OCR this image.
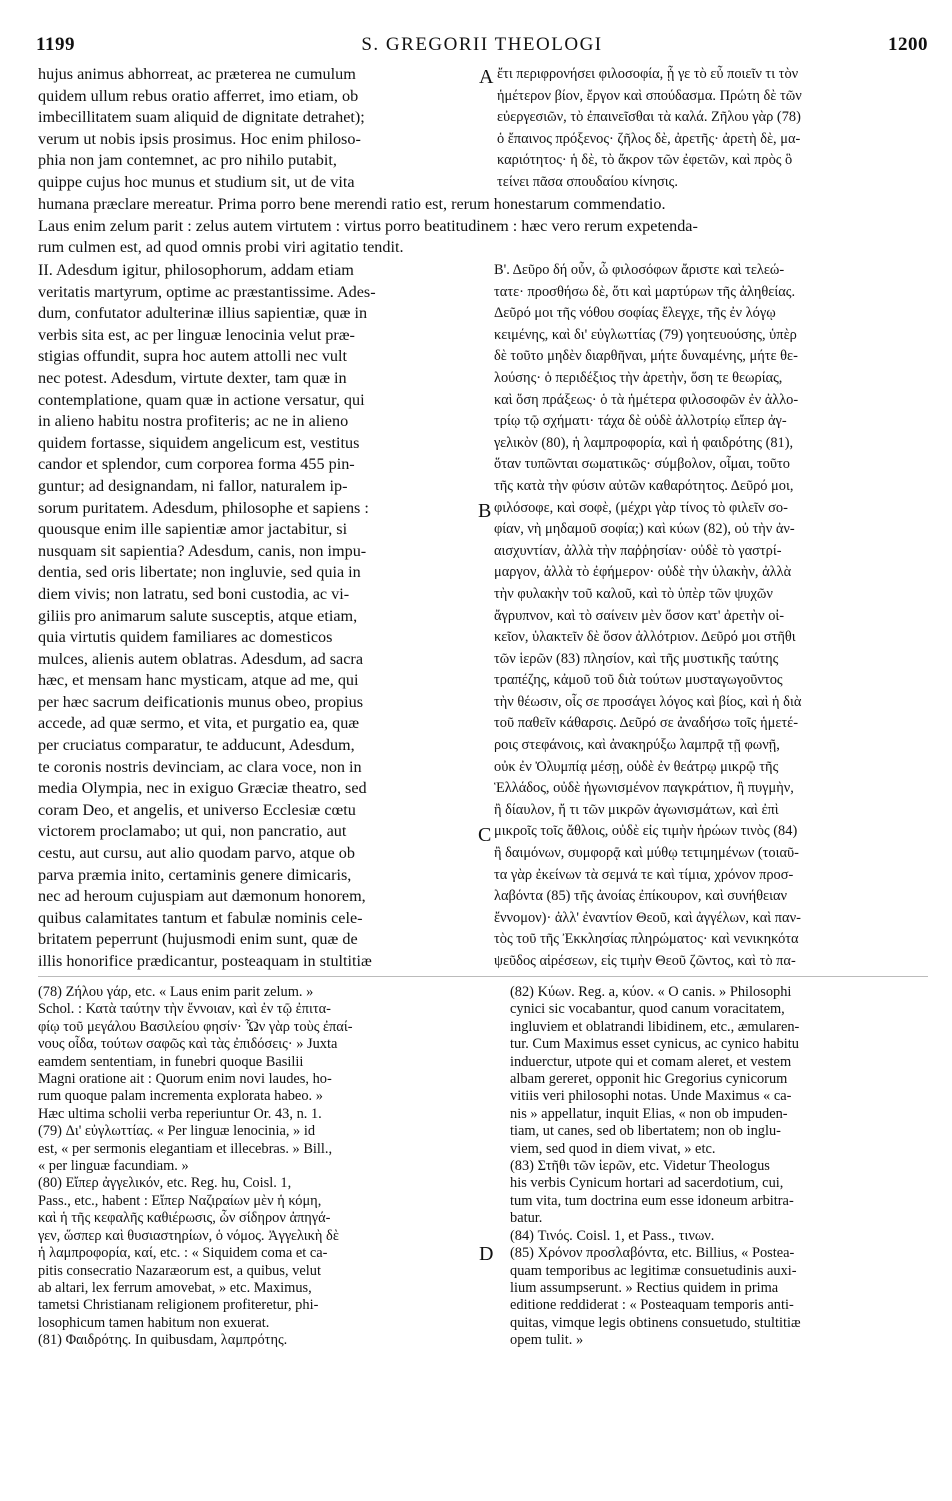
1199	S. GREGORII THEOLOGI	1200
hujus animus abhorreat, ac præterea ne cumulum
quidem ullum rebus oratio afferret, imo etiam, ob
imbecillitatem suam aliquid de dignitate detrahet);
verum ut nobis ipsis prosimus. Hoc enim philoso-
phia non jam contemnet, ac pro nihilo putabit,
quippe cujus hoc munus et studium sit, ut de vita
ἔτι περιφρονήσει φιλοσοφία, ᾗ γε τὸ εὖ ποιεῖν τι τὸν
ἡμέτερον βίον, ἔργον καὶ σπούδασμα. Πρώτη δὲ τῶν
εὐεργεσιῶν, τὸ ἐπαινεῖσθαι τὰ καλά. Ζῆλου γὰρ (78)
ὁ ἔπαινος πρόξενος· ζῆλος δὲ, ἀρετῆς· ἀρετὴ δὲ, μα-
καριότητος· ἡ δὲ, τὸ ἄκρον τῶν ἐφετῶν, καὶ πρὸς ὃ
τείνει πᾶσα σπουδαίου κίνησις.
humana præclare mereatur. Prima porro bene merendi ratio est, rerum honestarum commendatio.
Laus enim zelum parit : zelus autem virtutem : virtus porro beatitudinem : hæc vero rerum expetenda-
rum culmen est, ad quod omnis probi viri agitatio tendit.
II. Adesdum igitur, philosophorum, addam etiam
veritatis martyrum, optime ac præstantissime. Ades-
dum, confutator adulterinæ illius sapientiæ, quæ in
verbis sita est, ac per linguæ lenocinia velut præ-
stigias offundit, supra hoc autem attolli nec vult
nec potest. Adesdum, virtute dexter, tam quæ in
contemplatione, quam quæ in actione versatur, qui
in alieno habitu nostra profiteris; ac ne in alieno
quidem fortasse, siquidem angelicum est, vestitus
candor et splendor, cum corporea forma 455 pin-
guntur; ad designandam, ni fallor, naturalem ip-
sorum puritatem. Adesdum, philosophe et sapiens :
quousque enim ille sapientiæ amor jactabitur, si
nusquam sit sapientia? Adesdum, canis, non impu-
dentia, sed oris libertate; non ingluvie, sed quia in
diem vivis; non latratu, sed boni custodia, ac vi-
giliis pro animarum salute susceptis, atque etiam,
quia virtutis quidem familiares ac domesticos
mulces, alienis autem oblatras. Adesdum, ad sacra
hæc, et mensam hanc mysticam, atque ad me, qui
per hæc sacrum deificationis munus obeo, propius
accede, ad quæ sermo, et vita, et purgatio ea, quæ
per cruciatus comparatur, te adducunt, Adesdum,
te coronis nostris devinciam, ac clara voce, non in
media Olympia, nec in exiguo Græciæ theatro, sed
coram Deo, et angelis, et universo Ecclesiæ cœtu
victorem proclamabo; ut qui, non pancratio, aut
cestu, aut cursu, aut alio quodam parvo, atque ob
parva præmia inito, certaminis genere dimicaris,
nec ad heroum cujuspiam aut dæmonum honorem,
quibus calamitates tantum et fabulæ nominis cele-
britatem peperrunt (hujusmodi enim sunt, quæ de
illis honorifice prædicantur, posteaquam in stultitiæ
Β'. Δεῦρο δή οὖν, ὦ φιλοσόφων ἄριστε καὶ τελεώ-
τατε· προσθήσω δὲ, ὅτι καὶ μαρτύρων τῆς ἀληθείας.
Δεῦρό μοι τῆς νόθου σοφίας ἔλεγχε, τῆς ἐν λόγῳ
κειμένης, καὶ δι' εὐγλωττίας (79) γοητευούσης, ὑπὲρ
δὲ τοῦτο μηδὲν διαρθῆναι, μήτε δυναμένης, μήτε θε-
λούσης· ὁ περιδέξιος τὴν ἀρετὴν, ὅση τε θεωρίας,
καὶ ὅση πράξεως· ὁ τὰ ἡμέτερα φιλοσοφῶν ἐν ἀλλο-
τρίῳ τῷ σχήματι· τάχα δὲ οὐδὲ ἀλλοτρίῳ εἴπερ ἀγ-
γελικὸν (80), ἡ λαμπροφορία, καὶ ἡ φαιδρότης (81),
ὅταν τυπῶνται σωματικῶς· σύμβολον, οἶμαι, τοῦτο
τῆς κατὰ τὴν φύσιν αὐτῶν καθαρότητος. Δεῦρό μοι,
φιλόσοφε, καὶ σοφὲ, (μέχρι γὰρ τίνος τὸ φιλεῖν σο-
φίαν, νὴ μηδαμοῦ σοφία;) καὶ κύων (82), οὐ τὴν ἀν-
αισχυντίαν, ἀλλὰ τὴν παῤῥησίαν· οὐδὲ τὸ γαστρί-
μαργον, ἀλλὰ τὸ ἐφήμερον· οὐδὲ τὴν ὑλακὴν, ἀλλὰ
τὴν φυλακὴν τοῦ καλοῦ, καὶ τὸ ὑπὲρ τῶν ψυχῶν
ἄγρυπνον, καὶ τὸ σαίνειν μὲν ὅσον κατ' ἀρετὴν οἰ-
κεῖον, ὑλακτεῖν δὲ ὅσον ἀλλότριον. Δεῦρό μοι στῆθι
τῶν ἱερῶν (83) πλησίον, καὶ τῆς μυστικῆς ταύτης
τραπέζης, κἀμοῦ τοῦ διὰ τούτων μυσταγωγοῦντος
τὴν θέωσιν, οἷς σε προσάγει λόγος καὶ βίος, καὶ ἡ διὰ
τοῦ παθεῖν κάθαρσις. Δεῦρό σε ἀναδήσω τοῖς ἡμετέ-
ροις στεφάνοις, καὶ ἀνακηρύξω λαμπρᾷ τῇ φωνῇ,
οὐκ ἐν Ὀλυμπίᾳ μέσῃ, οὐδὲ ἐν θεάτρῳ μικρῷ τῆς
Ἑλλάδος, οὐδὲ ἠγωνισμένον παγκράτιον, ἢ πυγμὴν,
ἢ δίαυλον, ἤ τι τῶν μικρῶν ἀγωνισμάτων, καὶ ἐπὶ
μικροῖς τοῖς ἄθλοις, οὐδὲ εἰς τιμὴν ἡρώων τινὸς (84)
ἢ δαιμόνων, συμφορᾷ καὶ μύθῳ τετιμημένων (τοιαῦ-
τα γὰρ ἐκείνων τὰ σεμνά τε καὶ τίμια, χρόνον προσ-
λαβόντα (85) τῆς ἀνοίας ἐπίκουρον, καὶ συνήθειαν
ἔννομον)· ἀλλ' ἐναντίον Θεοῦ, καὶ ἀγγέλων, καὶ παν-
τὸς τοῦ τῆς Ἐκκλησίας πληρώματος· καὶ νενικηκότα
ψεῦδος αἱρέσεων, εἰς τιμὴν Θεοῦ ζῶντος, καὶ τὸ πα-
A
B
C
D
(78) Ζήλου γάρ, etc. « Laus enim parit zelum. »
Schol. : Κατὰ ταύτην τὴν ἔννοιαν, καὶ ἐν τῷ ἐπιτα-
φίῳ τοῦ μεγάλου Βασιλείου φησίν· Ὧν γὰρ τοὺς ἐπαί-
νους οἶδα, τούτων σαφῶς καὶ τὰς ἐπιδόσεις· » Juxta
eamdem sententiam, in funebri quoque Basilii
Magni oratione ait : Quorum enim novi laudes, ho-
rum quoque palam incrementa explorata habeo. »
Hæc ultima scholii verba reperiuntur Or. 43, n. 1.
(79) Δι' εὐγλωττίας. « Per linguæ lenocinia, » id
est, « per sermonis elegantiam et illecebras. » Bill.,
« per linguæ facundiam. »
(80) Εἴπερ ἀγγελικόν, etc. Reg. hu, Coisl. 1,
Pass., etc., habent : Εἴπερ Ναζιραίων μὲν ἡ κόμη,
καὶ ἡ τῆς κεφαλῆς καθιέρωσις, ὧν σίδηρον ἀπηγά-
γεν, ὥσπερ καὶ θυσιαστηρίων, ὁ νόμος. Ἀγγελικὴ δὲ
ἡ λαμπροφορία, καί, etc. : « Siquidem coma et ca-
pitis consecratio Nazaræorum est, a quibus, velut
ab altari, lex ferrum amovebat, » etc. Maximus,
tametsi Christianam religionem profiteretur, phi-
losophicum tamen habitum non exuerat.
(81) Φαιδρότης. In quibusdam, λαμπρότης.
(82) Κύων. Reg. a, κύον. « O canis. » Philosophi
cynici sic vocabantur, quod canum voracitatem,
ingluviem et oblatrandi libidinem, etc., æmularen-
tur. Cum Maximus esset cynicus, ac cynico habitu
induerctur, utpote qui et comam aleret, et vestem
albam gereret, opponit hic Gregorius cynicorum
vitiis veri philosophi notas. Unde Maximus « ca-
nis » appellatur, inquit Elias, « non ob impuden-
tiam, ut canes, sed ob libertatem; non ob inglu-
viem, sed quod in diem vivat, » etc.
(83) Στῆθι τῶν ἱερῶν, etc. Videtur Theologus
his verbis Cynicum hortari ad sacerdotium, cui,
tum vita, tum doctrina eum esse idoneum arbitra-
batur.
(84) Τινός. Coisl. 1, et Pass., τινων.
(85) Χρόνον προσλαβόντα, etc. Billius, « Postea-
quam temporibus ac legitimæ consuetudinis auxi-
lium assumpserunt. » Rectius quidem in prima
editione reddiderat : « Posteaquam temporis anti-
quitas, vimque legis obtinens consuetudo, stultitiæ
opem tulit. »
